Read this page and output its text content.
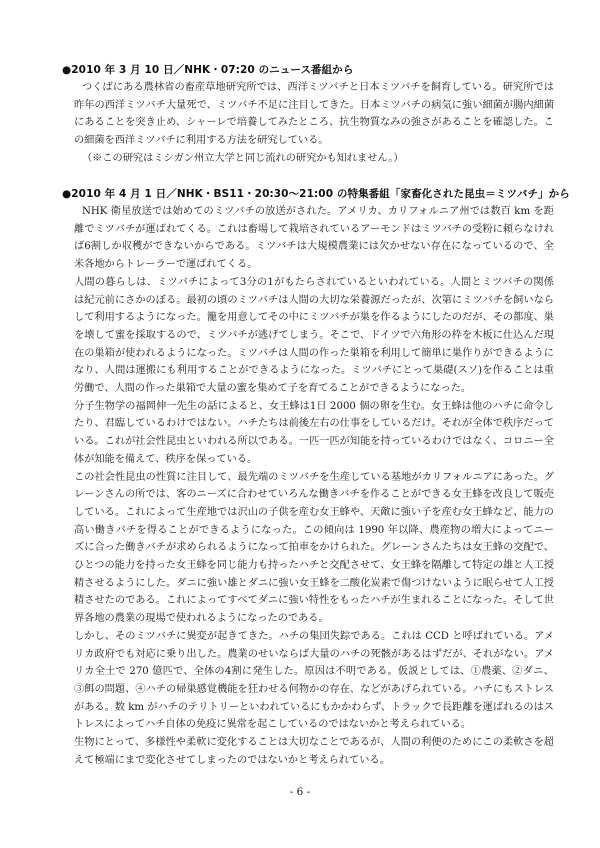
●2010 年 3 月 10 日／NHK・07:20 のニュース番組から

つくばにある農林省の畜産草地研究所では、西洋ミツバチと日本ミツバチを飼育している。研究所では昨年の西洋ミツバチ大量死で、ミツバチ不足に注目してきた。日本ミツバチの病気に強い細菌が腸内細菌にあることを突き止め、シャーレで培養してみたところ、抗生物質なみの強さがあることを確認した。この細菌を西洋ミツバチに利用する方法を研究している。

（※この研究はミシガン州立大学と同じ流れの研究かも知れません。）

●2010 年 4 月 1 日／NHK・BS11・20:30～21:00 の特集番組「家畜化された昆虫＝ミツバチ」から

NHK 衛星放送では始めてのミツバチの放送がされた。アメリカ、カリフォルニア州では数百 km を距離でミツバチが運ばれてくる。これは畜場して栽培されているアーモンドはミツバチの受粉に頼らなければ6割しか収穫ができないからである。ミツバチは大規模農業には欠かせない存在になっているので、全米各地からトレーラーで運ばれてくる。

人間の暮らしは、ミツバチによって3分の1がもたらされているといわれている。人間とミツバチの関係は紀元前にさかのぼる。最初の頃のミツバチは人間の大切な栄養源だったが、次第にミツバチを飼いならして利用するようになった。籠を用意してその中にミツバチが巣を作るようにしたのだが、その都度、巣を壊して蜜を採取するので、ミツバチが逃げてしまう。そこで、ドイツで六角形の枠を木板に仕込んだ現在の巣箱が使われるようになった。ミツバチは人間の作った巣箱を利用して簡単に巣作りができるようになり、人間は運搬にも利用することができるようになった。ミツバチにとって巣礎(スソ)を作ることは重労働で、人間の作った巣箱で大量の蜜を集めて子を育てることができるようになった。

分子生物学の福岡伸一先生の話によると、女王蜂は1日 2000 個の卵を生む。女王蜂は他のハチに命令したり、君臨しているわけではない。ハチたちは前後左右の仕事をしているだけ。それが全体で秩序だっている。これが社会性昆虫といわれる所以である。一匹一匹が知能を持っているわけではなく、コロニー全体が知能を備えて、秩序を保っている。

この社会性昆虫の性質に注目して、最先端のミツバチを生産している基地がカリフォルニアにあった。グレーンさんの所では、客のニーズに合わせていろんな働きバチを作ることができる女王蜂を改良して販売している。これによって生産地では沢山の子供を産む女王蜂や、天敵に強い子を産む女王蜂など、能力の高い働きバチを得ることができるようになった。この傾向は 1990 年以降、農産物の増大によってニーズに合った働きバチが求められるようになって拍車をかけられた。グレーンさんたちは女王蜂の交配で、ひとつの能力を持った女王蜂を同じ能力も持ったハチと交配させて、女王蜂を隔離して特定の雄と人工授精させるようにした。ダニに強い雄とダニに強い女王蜂を二酸化炭素で傷つけないように眠らせて人工授精させたのである。これによってすべてダニに強い特性をもったハチが生まれることになった。そして世界各地の農業の現場で使われるようになったのである。

しかし、そのミツバチに異変が起きてきた。ハチの集団失踪である。これは CCD と呼ばれている。アメリカ政府でも対応に乗り出した。農業のせいならば大量のハチの死骸があるはずだが、それがない。アメリカ全土で 270 億匹で、全体の4割に発生した。原因は不明である。仮説としては、①農薬、②ダニ、③餌の問題、④ハチの帰巣感覚機能を狂わせる何物かの存在、などがあげられている。ハチにもストレスがある。数 km がハチのテリトリーといわれているにもかかわらず、トラックで長距離を運ばれるのはストレスによってハチ自体の免疫に異常を起こしているのではないかと考えられている。

生物にとって、多様性や柔軟に変化することは大切なことであるが、人間の利便のためにこの柔軟さを超えて極端にまで変化させてしまったのではないかと考えられている。

- 6 -
